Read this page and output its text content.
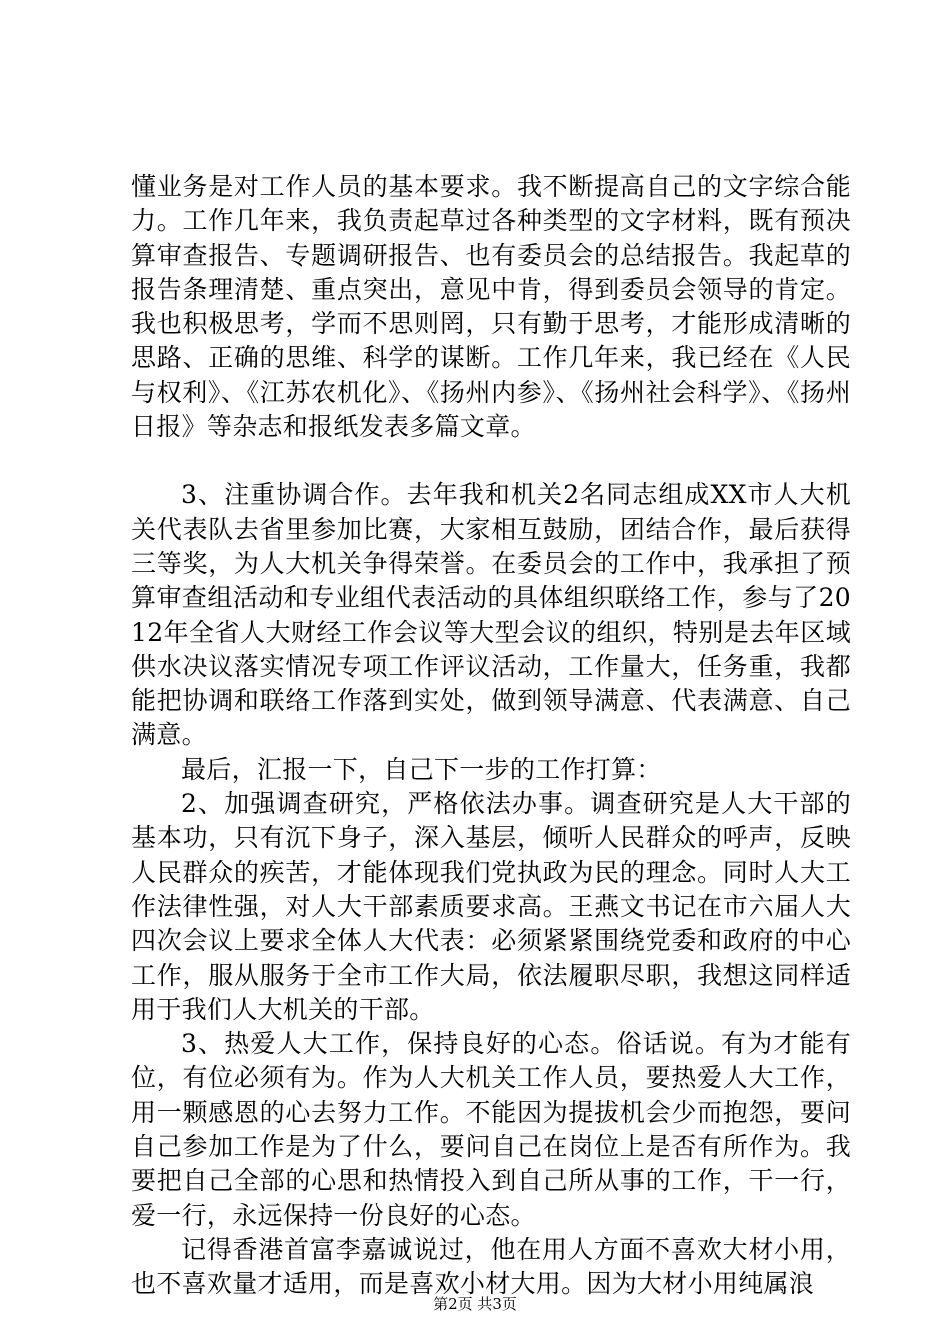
懂业务是对工作人员的基本要求。我不断提高自己的文字综合能力。工作几年来，我负责起草过各种类型的文字材料，既有预决算审查报告、专题调研报告、也有委员会的总结报告。我起草的报告条理清楚、重点突出，意见中肯，得到委员会领导的肯定。我也积极思考，学而不思则罔，只有勤于思考，才能形成清晰的思路、正确的思维、科学的谋断。工作几年来，我已经在《人民与权利》、《江苏农机化》、《扬州内参》、《扬州社会科学》、《扬州日报》等杂志和报纸发表多篇文章。

3、注重协调合作。去年我和机关2名同志组成XX市人大机关代表队去省里参加比赛，大家相互鼓励，团结合作，最后获得三等奖，为人大机关争得荣誉。在委员会的工作中，我承担了预算审查组活动和专业组代表活动的具体组织联络工作，参与了2012年全省人大财经工作会议等大型会议的组织，特别是去年区域供水决议落实情况专项工作评议活动，工作量大，任务重，我都能把协调和联络工作落到实处，做到领导满意、代表满意、自己满意。

最后，汇报一下，自己下一步的工作打算：

2、加强调查研究，严格依法办事。调查研究是人大干部的基本功，只有沉下身子，深入基层，倾听人民群众的呼声，反映人民群众的疾苦，才能体现我们党执政为民的理念。同时人大工作法律性强，对人大干部素质要求高。王燕文书记在市六届人大四次会议上要求全体人大代表：必须紧紧围绕党委和政府的中心工作，服从服务于全市工作大局，依法履职尽职，我想这同样适用于我们人大机关的干部。

3、热爱人大工作，保持良好的心态。俗话说。有为才能有位，有位必须有为。作为人大机关工作人员，要热爱人大工作，用一颗感恩的心去努力工作。不能因为提拔机会少而抱怨，要问自己参加工作是为了什么，要问自己在岗位上是否有所作为。我要把自己全部的心思和热情投入到自己所从事的工作，干一行，爱一行，永远保持一份良好的心态。

记得香港首富李嘉诚说过，他在用人方面不喜欢大材小用，也不喜欢量才适用，而是喜欢小材大用。因为大材小用纯属浪

第2页 共3页
